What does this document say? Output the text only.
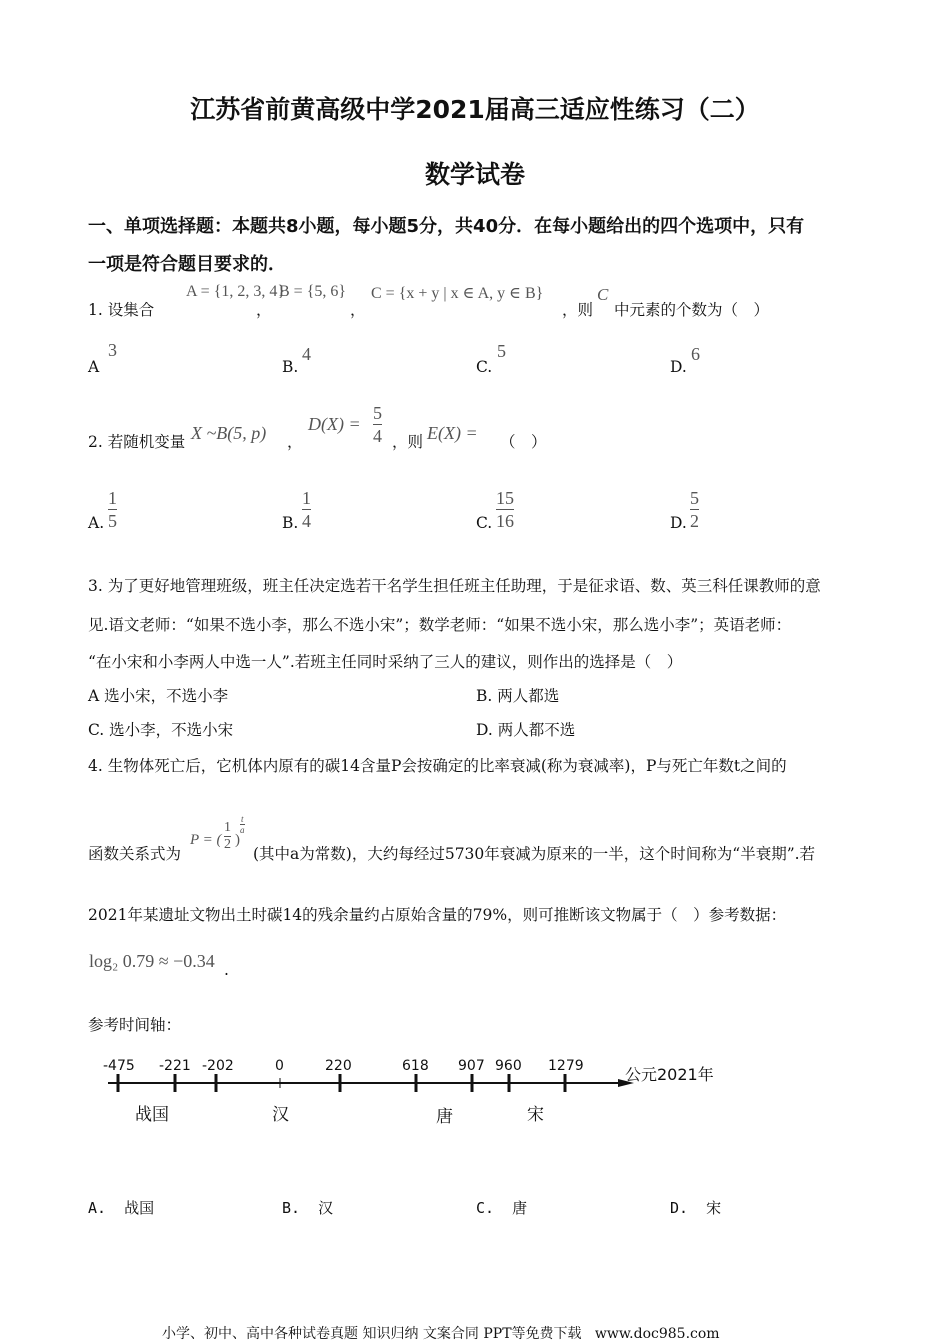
江苏省前黄高级中学2021届高三适应性练习（二）
数学试卷
一、单项选择题：本题共8小题，每小题5分，共40分．在每小题给出的四个选项中，只有
一项是符合题目要求的．
1. 设集合
A = {1, 2, 3, 4}
，
B = {5, 6}
，
C = {x + y | x ∈ A, y ∈ B}
，则
C
中元素的个数为（　）
A
3
B.
4
C.
5
D.
6
2. 若随机变量 X ~B(5, p) ，
D(X) =
5
4 ，则 E(X) = （　）
A.
1
5	B.
1
4	C.
15
16	D.
5
2
3. 为了更好地管理班级，班主任决定选若干名学生担任班主任助理，于是征求语、数、英三科任课教师的意
见.语文老师：“如果不选小李，那么不选小宋”；数学老师：“如果不选小宋，那么选小李”；英语老师：
“在小宋和小李两人中选一人”.若班主任同时采纳了三人的建议，则作出的选择是（　）
A 选小宋，不选小李	B. 两人都选
C. 选小李，不选小宋	D. 两人都不选
4. 生物体死亡后，它机体内原有的碳14含量P会按确定的比率衰减(称为衰减率)，P与死亡年数t之间的
函数关系式为
P = (
1
2 )
t
a
(其中a为常数)，大约每经过5730年衰减为原来的一半，这个时间称为“半衰期”.若
2021年某遗址文物出土时碳14的残余量约占原始含量的79%，则可推断该文物属于（　）参考数据：
log₂ 0.79 ≈ −0.34 .
参考时间轴：
-475 -221 -202	0	220	618 907 960 1279	公元2021年
战国	汉	唐	宋
A. 战国	B. 汉	C. 唐	D. 宋
小学、初中、高中各种试卷真题 知识归纳 文案合同 PPT等免费下载 www.doc985.com
